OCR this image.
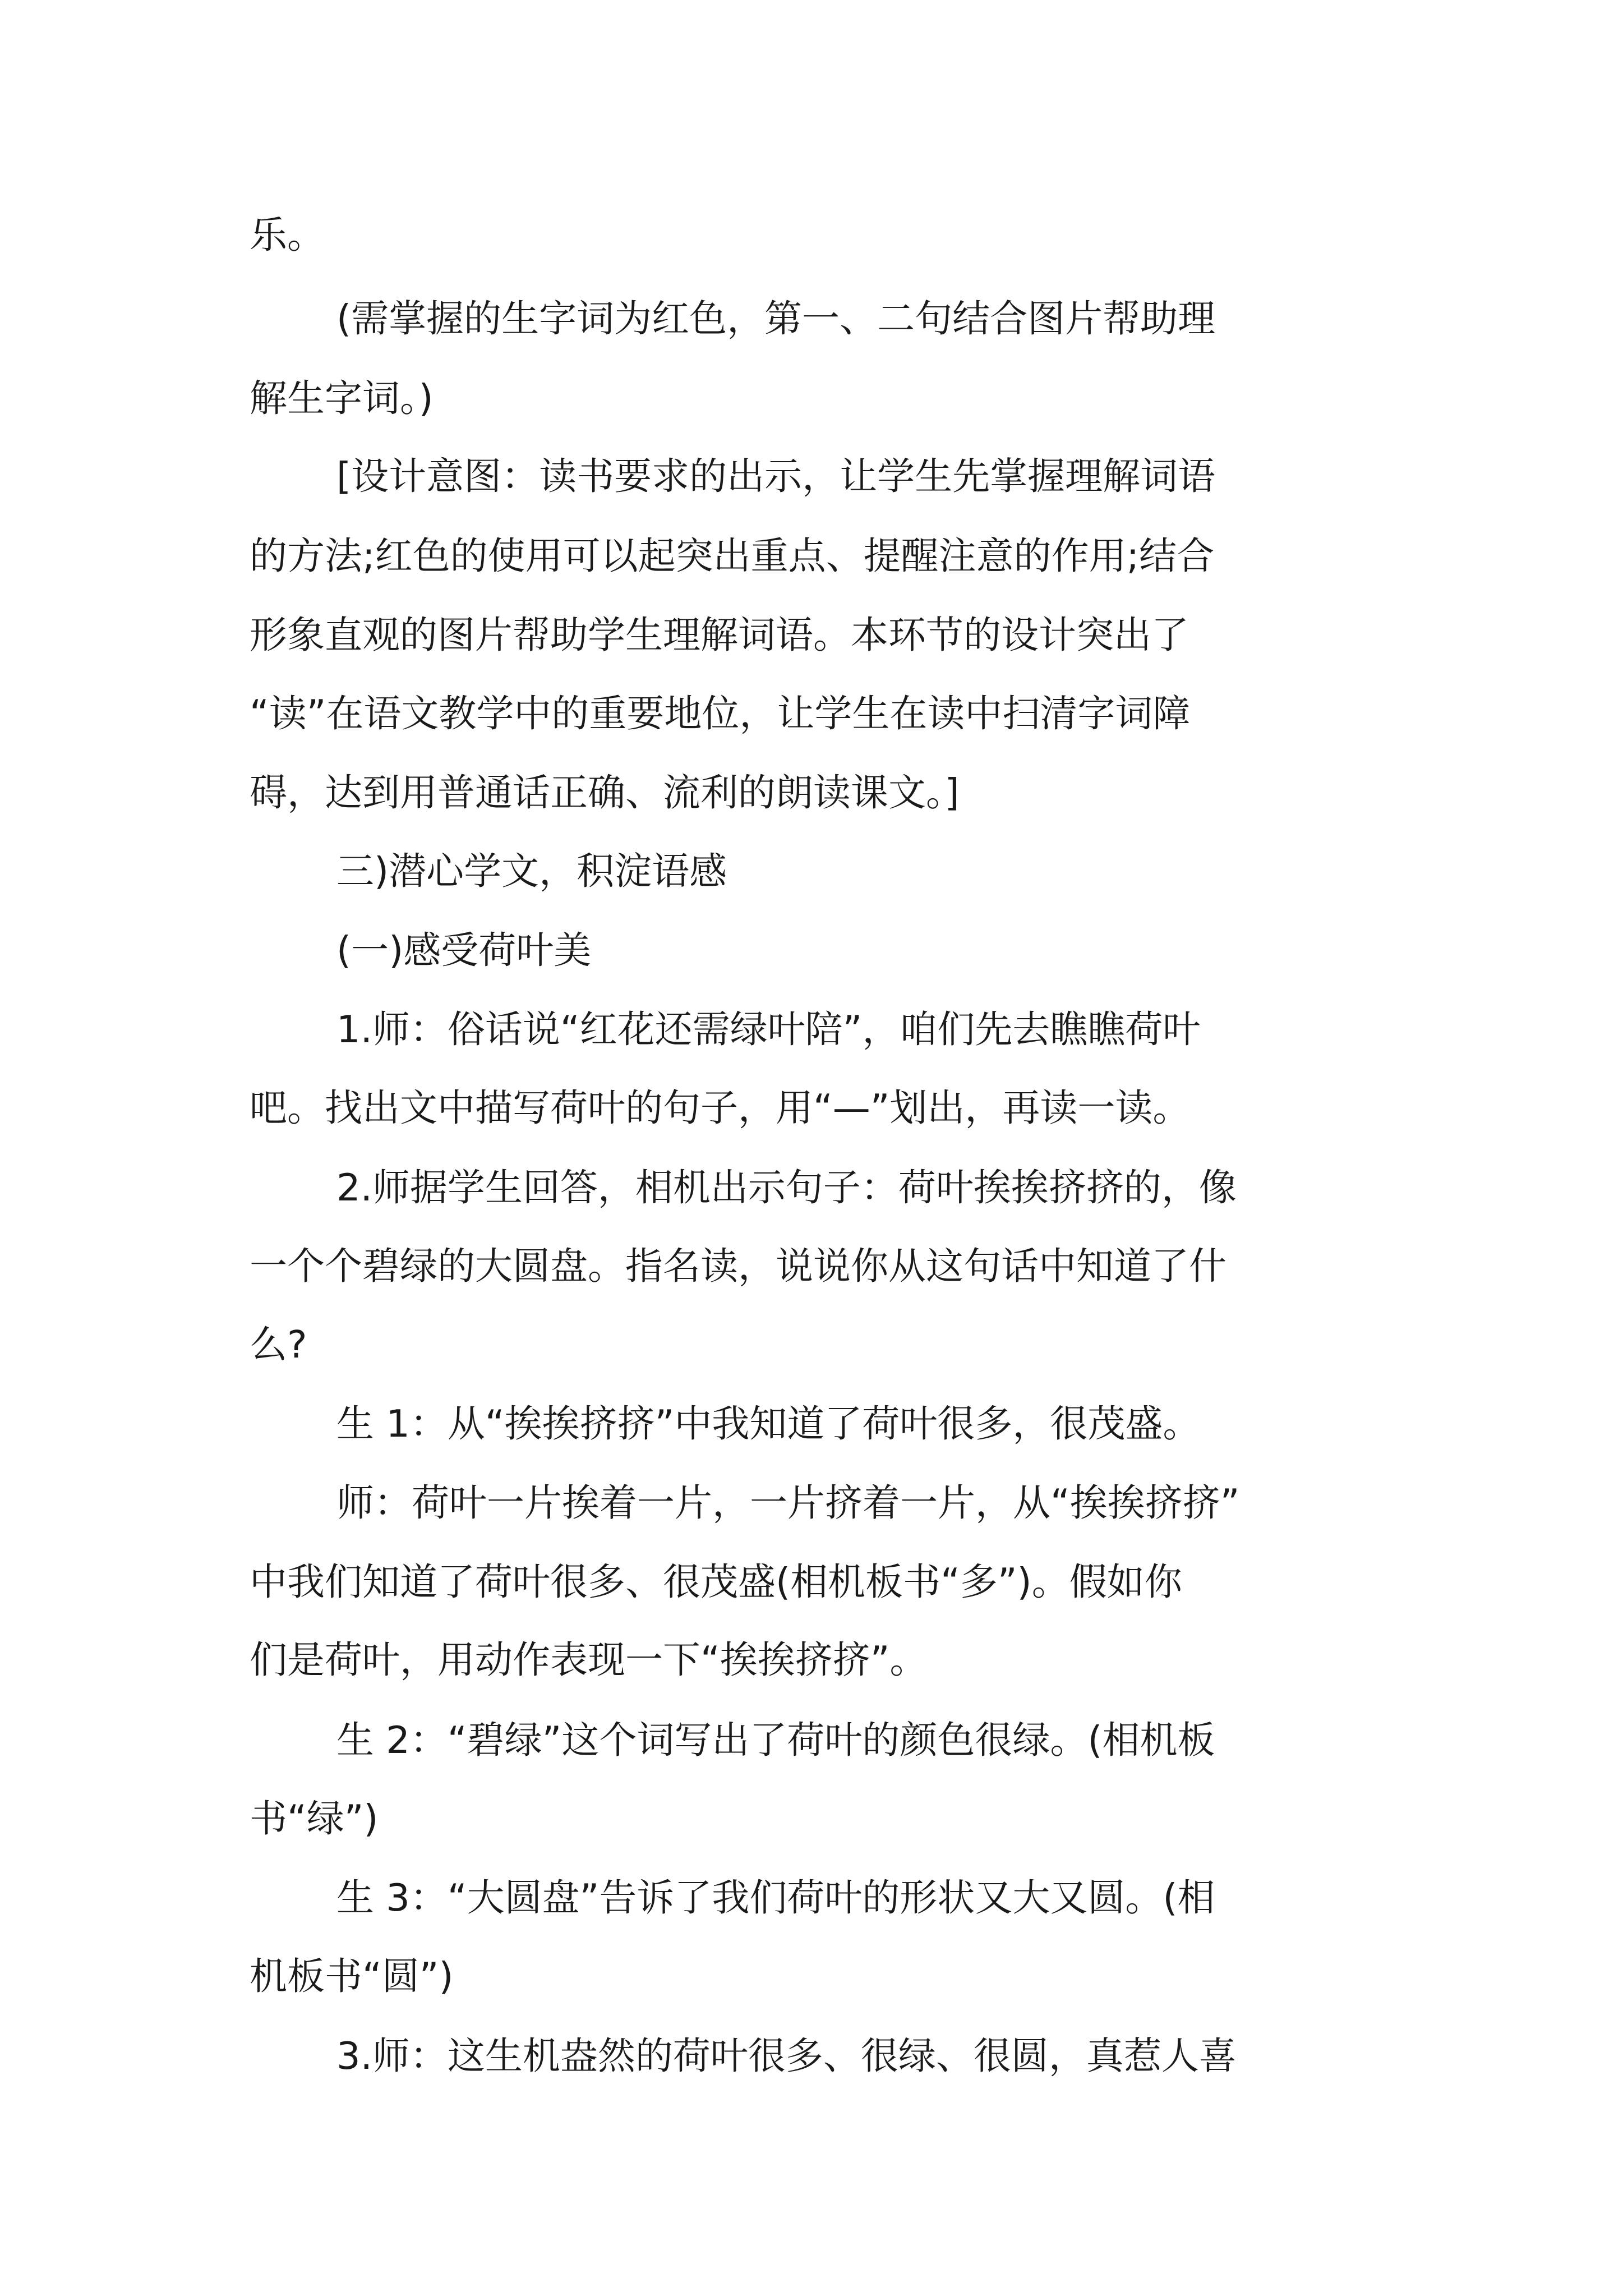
乐。

(需掌握的生字词为红色，第一、二句结合图片帮助理

解生字词。)

[设计意图：读书要求的出示，让学生先掌握理解词语

的方法;红色的使用可以起突出重点、提醒注意的作用;结合

形象直观的图片帮助学生理解词语。本环节的设计突出了

“读”在语文教学中的重要地位，让学生在读中扫清字词障

碍，达到用普通话正确、流利的朗读课文。]

三)潜心学文，积淀语感

(一)感受荷叶美

1.师：俗话说“红花还需绿叶陪”，咱们先去瞧瞧荷叶

吧。找出文中描写荷叶的句子，用“—”划出，再读一读。

2.师据学生回答，相机出示句子：荷叶挨挨挤挤的，像

一个个碧绿的大圆盘。指名读，说说你从这句话中知道了什

么?

生 1：从“挨挨挤挤”中我知道了荷叶很多，很茂盛。

师：荷叶一片挨着一片，一片挤着一片，从“挨挨挤挤”

中我们知道了荷叶很多、很茂盛(相机板书“多”)。假如你

们是荷叶，用动作表现一下“挨挨挤挤”。

生 2：“碧绿”这个词写出了荷叶的颜色很绿。(相机板

书“绿”)

生 3：“大圆盘”告诉了我们荷叶的形状又大又圆。(相

机板书“圆”)

3.师：这生机盎然的荷叶很多、很绿、很圆，真惹人喜
